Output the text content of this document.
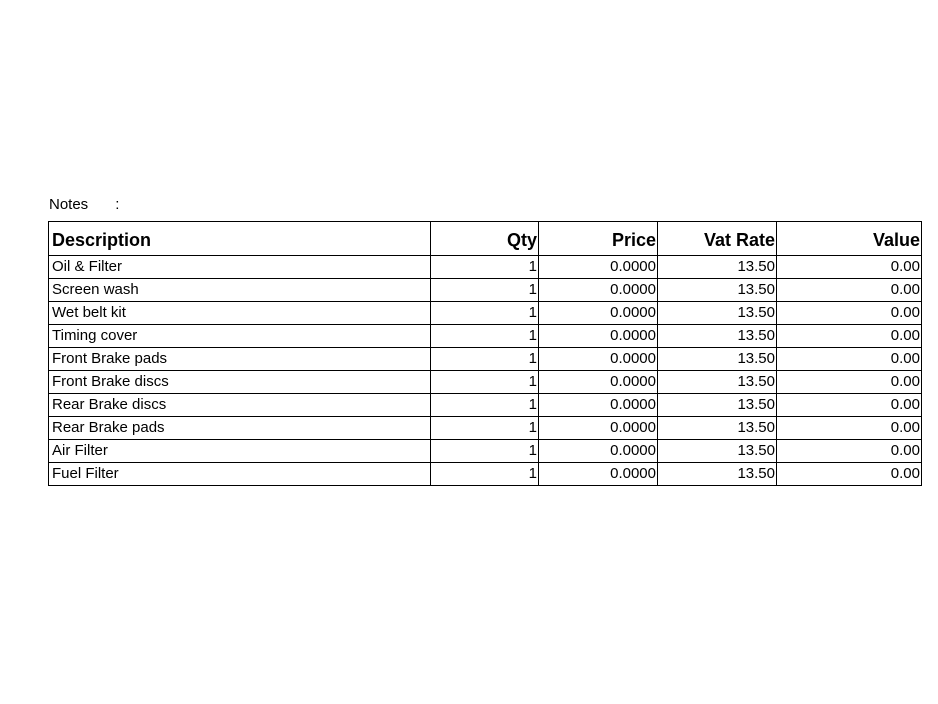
Notes :
Description	Qty	Price	Vat Rate	Value
Oil & Filter	1	0.0000	13.50	0.00
Screen wash	1	0.0000	13.50	0.00
Wet belt kit	1	0.0000	13.50	0.00
Timing cover	1	0.0000	13.50	0.00
Front Brake pads	1	0.0000	13.50	0.00
Front Brake discs	1	0.0000	13.50	0.00
Rear Brake discs	1	0.0000	13.50	0.00
Rear Brake pads	1	0.0000	13.50	0.00
Air Filter	1	0.0000	13.50	0.00
Fuel Filter	1	0.0000	13.50	0.00
